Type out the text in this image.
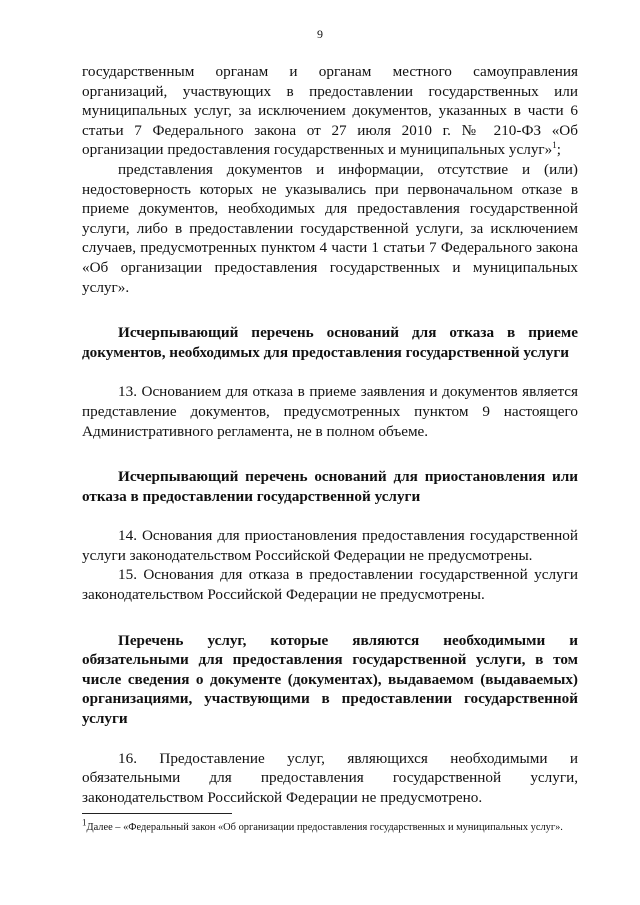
9

государственным органам и органам местного самоуправления организаций, участвующих в предоставлении государственных или муниципальных услуг, за исключением документов, указанных в части 6 статьи 7 Федерального закона от 27 июля 2010 г. № 210-ФЗ «Об организации предоставления государственных и муниципальных услуг»$^1$;

представления документов и информации, отсутствие и (или) недостоверность которых не указывались при первоначальном отказе в приеме документов, необходимых для предоставления государственной услуги, либо в предоставлении государственной услуги, за исключением случаев, предусмотренных пунктом 4 части 1 статьи 7 Федерального закона «Об организации предоставления государственных и муниципальных услуг».

Исчерпывающий перечень оснований для отказа в приеме документов, необходимых для предоставления государственной услуги

13. Основанием для отказа в приеме заявления и документов является представление документов, предусмотренных пунктом 9 настоящего Административного регламента, не в полном объеме.

Исчерпывающий перечень оснований для приостановления или отказа в предоставлении государственной услуги

14. Основания для приостановления предоставления государственной услуги законодательством Российской Федерации не предусмотрены.

15. Основания для отказа в предоставлении государственной услуги законодательством Российской Федерации не предусмотрены.

Перечень услуг, которые являются необходимыми и обязательными для предоставления государственной услуги, в том числе сведения о документе (документах), выдаваемом (выдаваемых) организациями, участвующими в предоставлении государственной услуги

16. Предоставление услуг, являющихся необходимыми и обязательными для предоставления государственной услуги, законодательством Российской Федерации не предусмотрено.

$^1$Далее – «Федеральный закон «Об организации предоставления государственных и муниципальных услуг».
